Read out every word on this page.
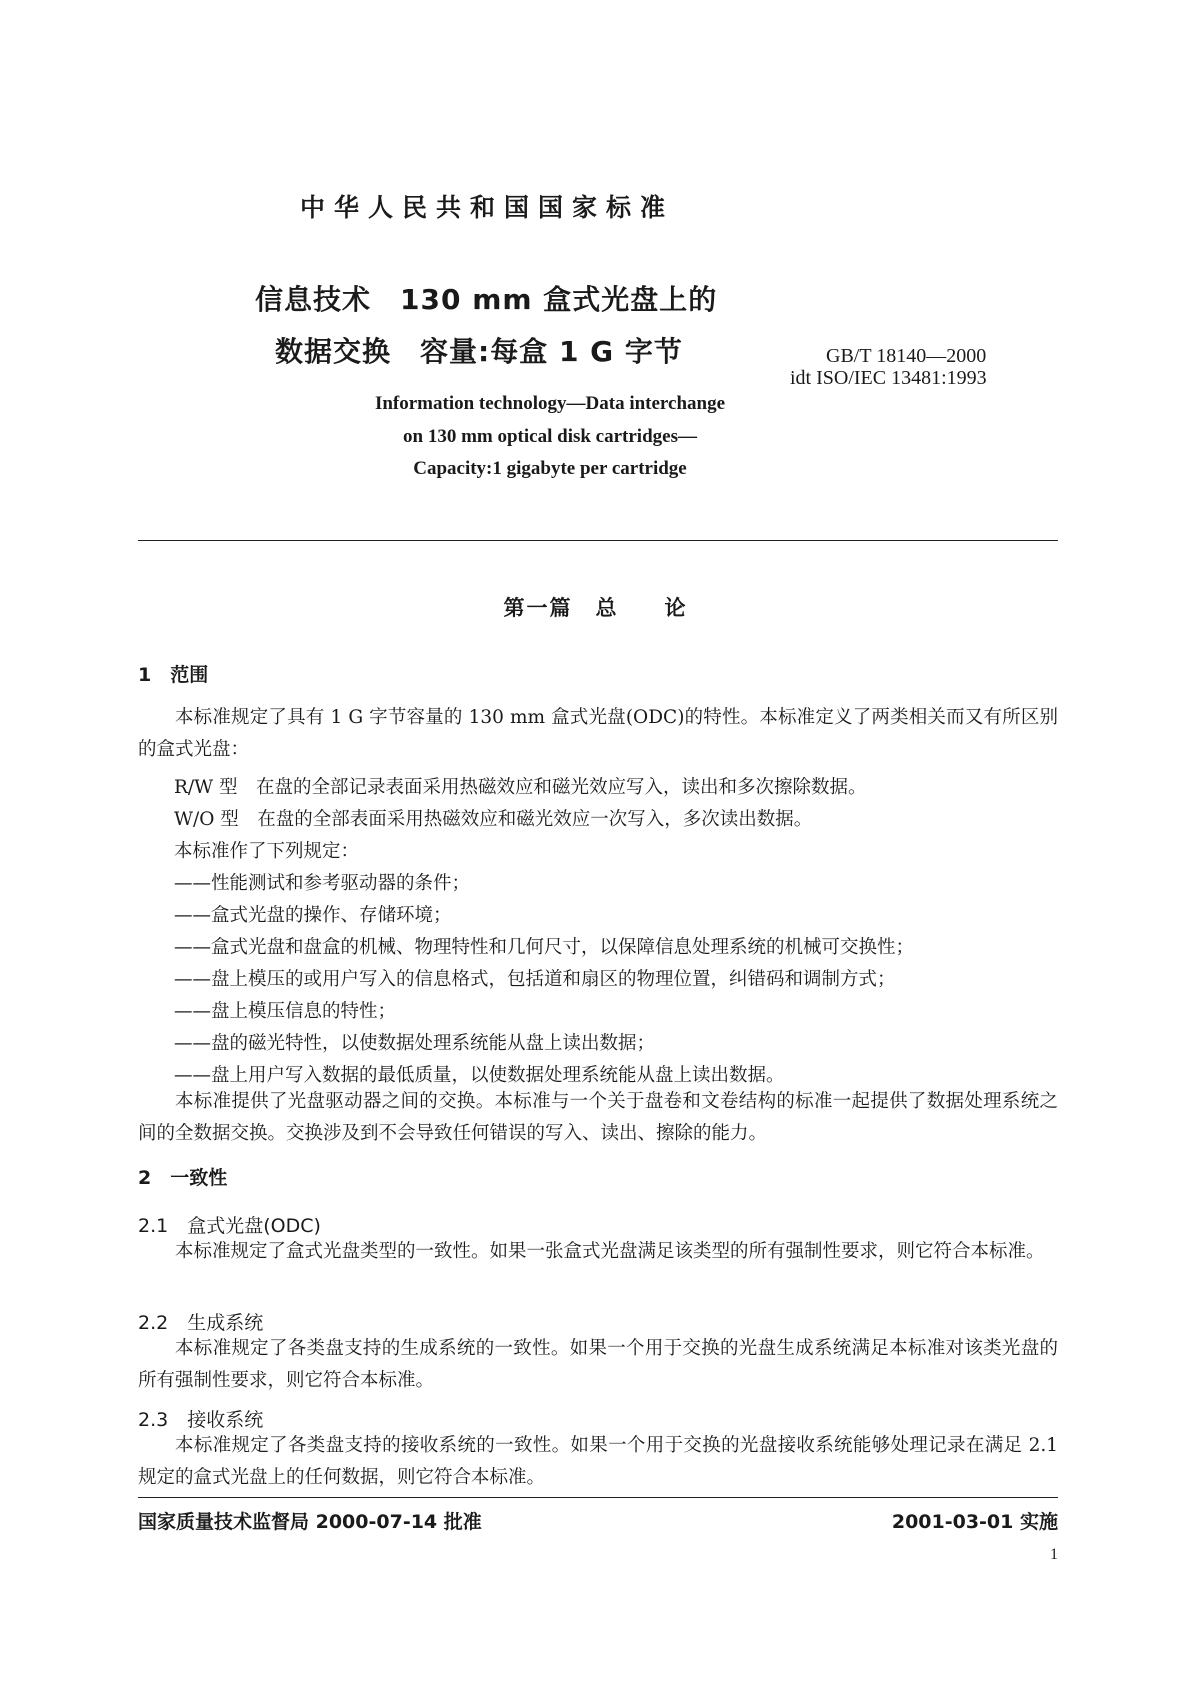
中华人民共和国国家标准
信息技术　130 mm 盒式光盘上的
数据交换　容量:每盒 1 G 字节	GB/T 18140—2000
idt ISO/IEC 13481:1993
Information technology—Data interchange
on 130 mm optical disk cartridges—
Capacity:1 gigabyte per cartridge
第一篇　总　　论
1　范围
本标准规定了具有 1 G 字节容量的 130 mm 盒式光盘(ODC)的特性。本标准定义了两类相关而又有所区别的盒式光盘：
R/W 型　在盘的全部记录表面采用热磁效应和磁光效应写入，读出和多次擦除数据。
W/O 型　在盘的全部表面采用热磁效应和磁光效应一次写入，多次读出数据。
本标准作了下列规定：
——性能测试和参考驱动器的条件；
——盒式光盘的操作、存储环境；
——盒式光盘和盘盒的机械、物理特性和几何尺寸，以保障信息处理系统的机械可交换性；
——盘上模压的或用户写入的信息格式，包括道和扇区的物理位置，纠错码和调制方式；
——盘上模压信息的特性；
——盘的磁光特性，以使数据处理系统能从盘上读出数据；
——盘上用户写入数据的最低质量，以使数据处理系统能从盘上读出数据。
本标准提供了光盘驱动器之间的交换。本标准与一个关于盘卷和文卷结构的标准一起提供了数据处理系统之间的全数据交换。交换涉及到不会导致任何错误的写入、读出、擦除的能力。
2　一致性
2.1　盒式光盘(ODC)
本标准规定了盒式光盘类型的一致性。如果一张盒式光盘满足该类型的所有强制性要求，则它符合本标准。
2.2　生成系统
本标准规定了各类盘支持的生成系统的一致性。如果一个用于交换的光盘生成系统满足本标准对该类光盘的所有强制性要求，则它符合本标准。
2.3　接收系统
本标准规定了各类盘支持的接收系统的一致性。如果一个用于交换的光盘接收系统能够处理记录在满足 2.1 规定的盒式光盘上的任何数据，则它符合本标准。
国家质量技术监督局 2000-07-14 批准	2001-03-01 实施
1
